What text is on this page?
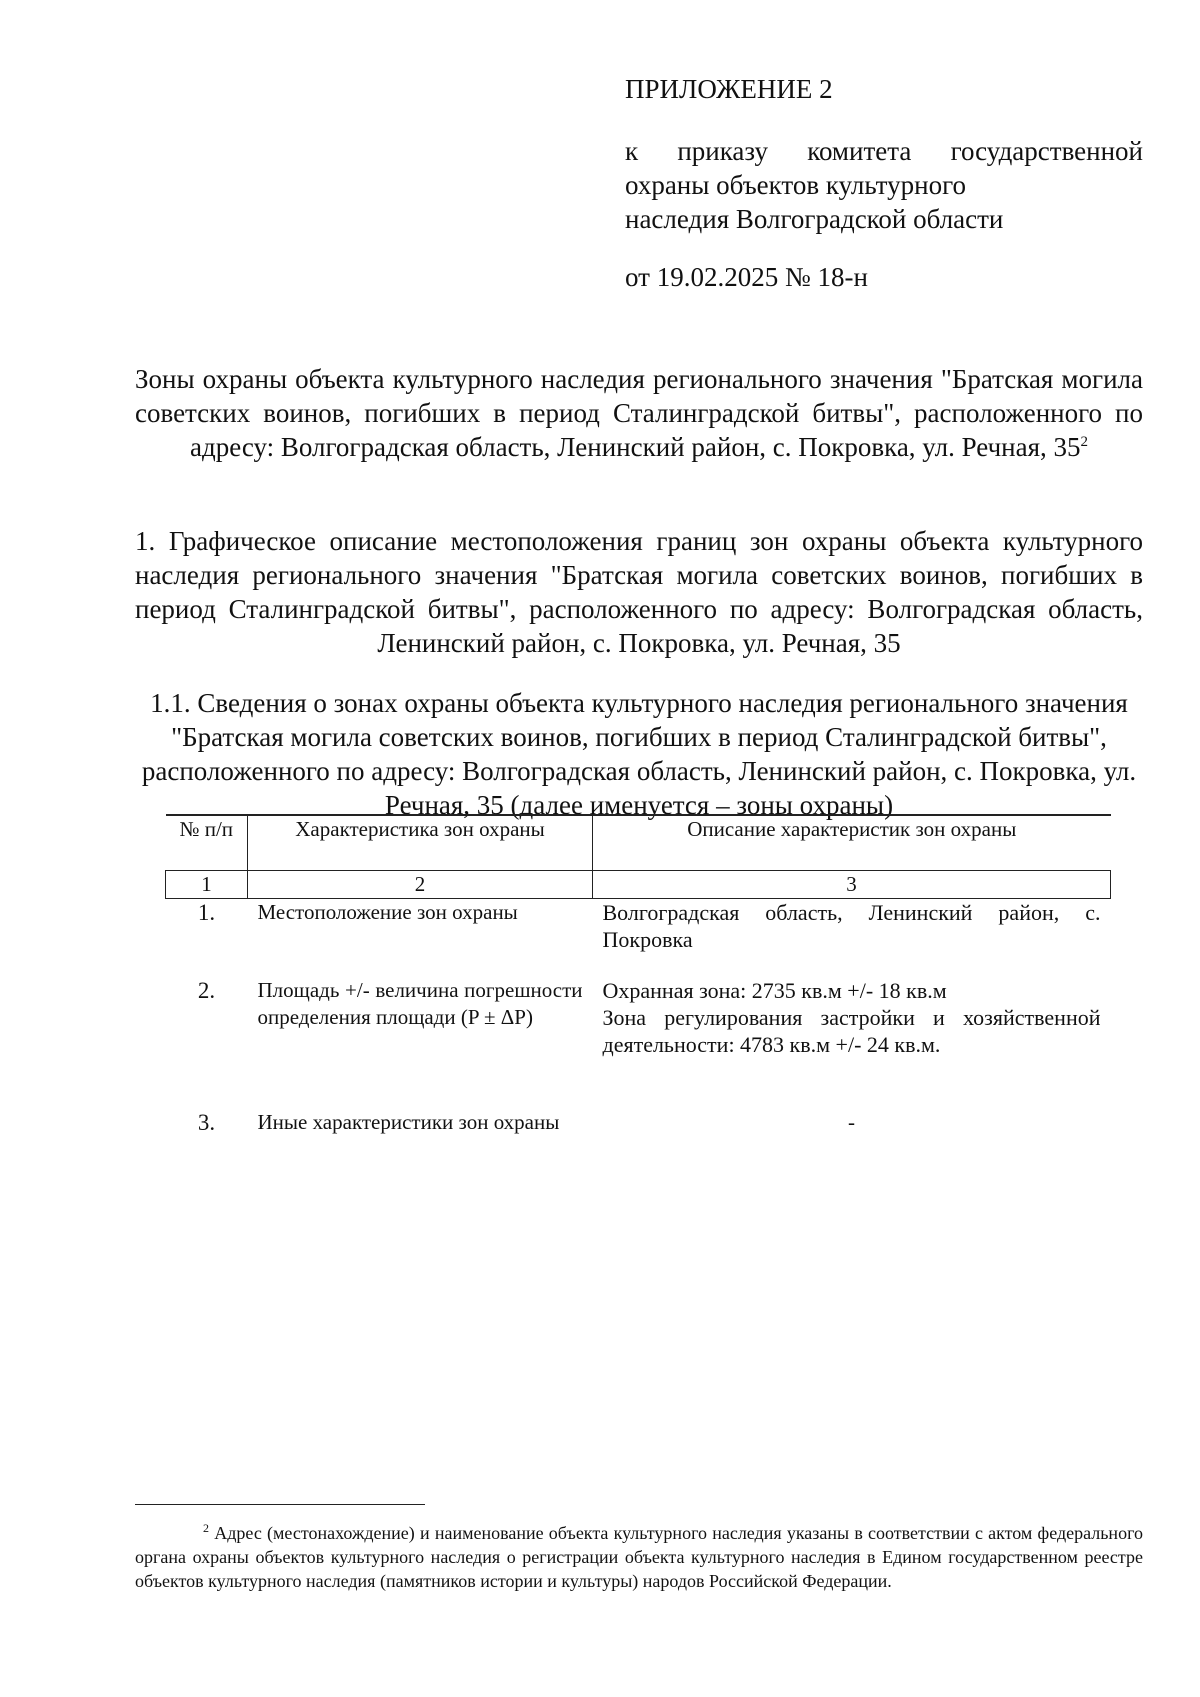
ПРИЛОЖЕНИЕ 2
к приказу комитета государственной
охраны объектов культурного
наследия Волгоградской области
от 19.02.2025 № 18-н
Зоны охраны объекта культурного наследия регионального значения "Братская могила советских воинов, погибших в период Сталинградской битвы", расположенного по адресу: Волгоградская область, Ленинский район, с. Покровка, ул. Речная, $35^2$
1. Графическое описание местоположения границ зон охраны объекта культурного наследия регионального значения "Братская могила советских воинов, погибших в период Сталинградской битвы", расположенного по адресу: Волгоградская область, Ленинский район, с. Покровка, ул. Речная, 35
1.1. Сведения о зонах охраны объекта культурного наследия регионального значения "Братская могила советских воинов, погибших в период Сталинградской битвы", расположенного по адресу: Волгоградская область, Ленинский район, с. Покровка, ул. Речная, 35 (далее именуется – зоны охраны)
№ п/п	Характеристика зон охраны	Описание характеристик зон охраны
1	2	3
1.	Местоположение зон охраны	Волгоградская область, Ленинский район, с. Покровка
2.	Площадь +/- величина погрешности определения площади (P ± ΔP)	Охранная зона: 2735 кв.м +/- 18 кв.м
Зона регулирования застройки и хозяйственной деятельности: 4783 кв.м +/- 24 кв.м.

3.	Иные характеристики зон охраны	-
$^2$ Адрес (местонахождение) и наименование объекта культурного наследия указаны в соответствии с актом федерального органа охраны объектов культурного наследия о регистрации объекта культурного наследия в Едином государственном реестре объектов культурного наследия (памятников истории и культуры) народов Российской Федерации.
